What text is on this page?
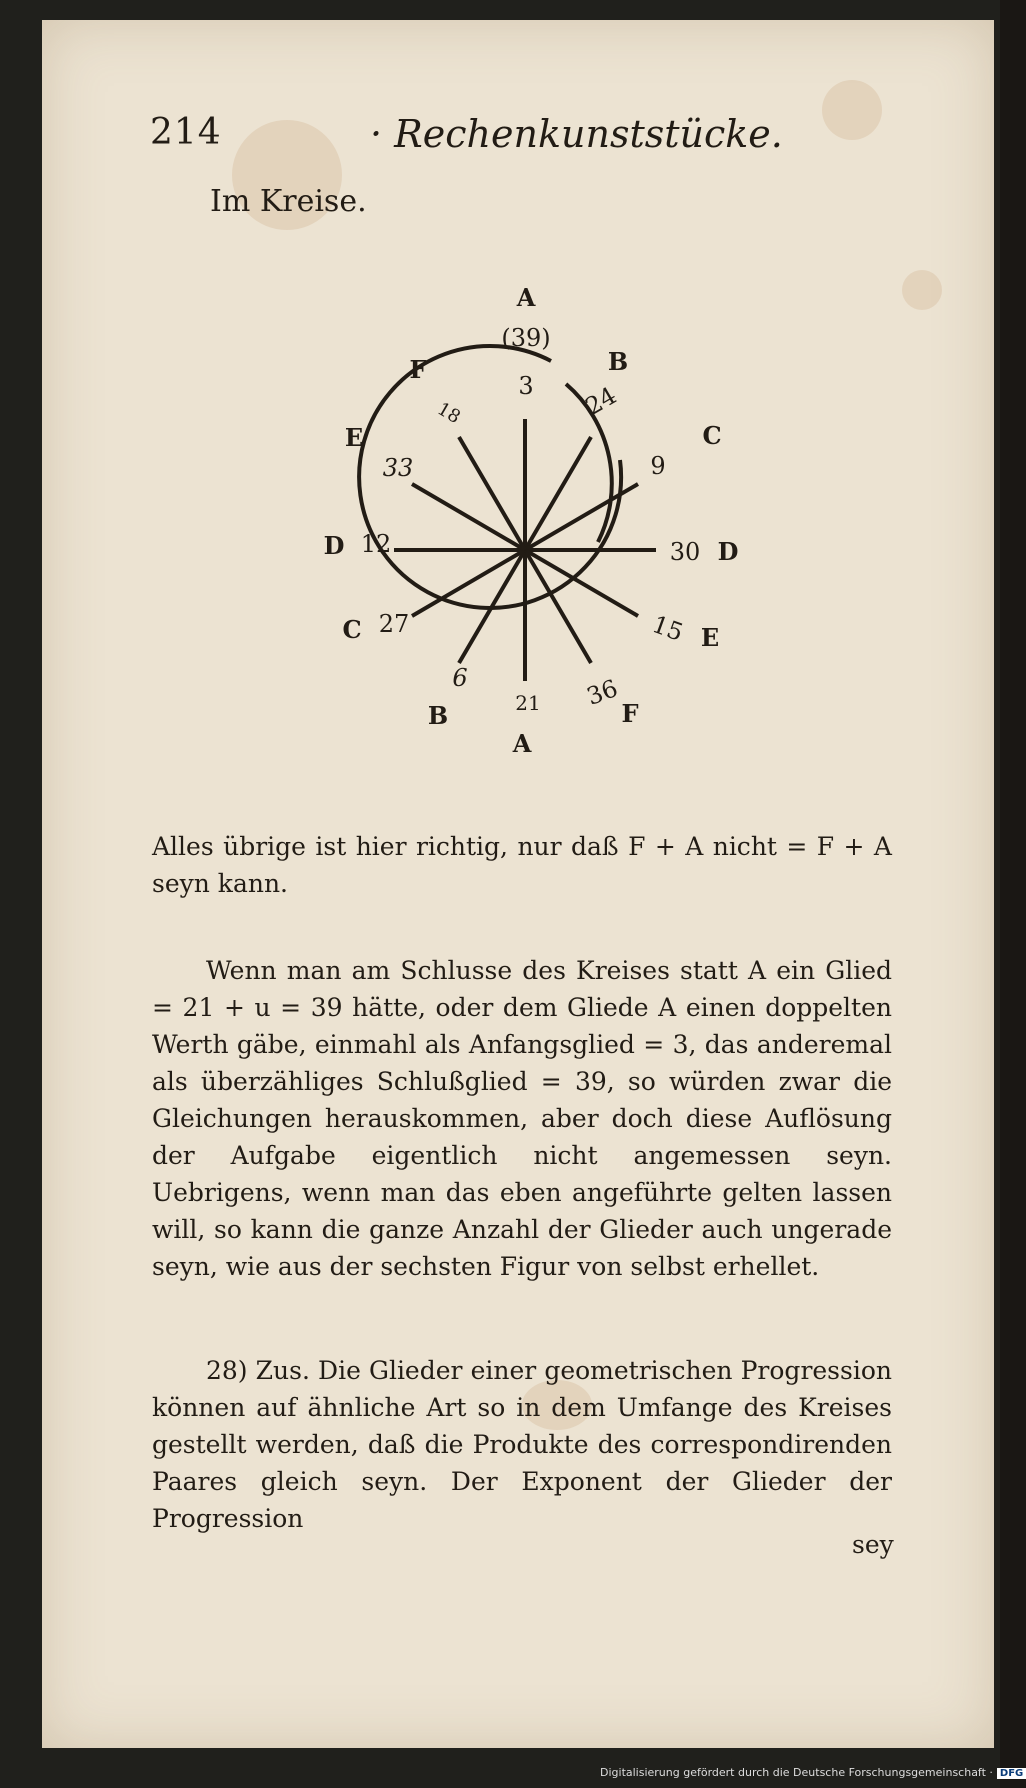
214	· Rechenkunststücke.
Im Kreise.
A
(39)
3 24
B
9
C
30 D
15 E
36
F
21
A
6
B
27
C
12
D
33
E
18
F
Alles übrige ist hier richtig, nur daß F + A nicht = F + A seyn kann.
Wenn man am Schlusse des Kreises statt A ein Glied = 21 + u = 39 hätte, oder dem Gliede A einen doppelten Werth gäbe, einmahl als Anfangsglied = 3, das anderemal als überzähliges Schlußglied = 39, so würden zwar die Gleichungen herauskommen, aber doch diese Auflösung der Aufgabe eigentlich nicht angemessen seyn. Uebrigens, wenn man das eben angeführte gelten lassen will, so kann die ganze Anzahl der Glieder auch ungerade seyn, wie aus der sechsten Figur von selbst erhellet.
28) Zus. Die Glieder einer geometrischen Progression können auf ähnliche Art so in dem Umfange des Kreises gestellt werden, daß die Produkte des correspondirenden Paares gleich seyn. Der Exponent der Glieder der Progression
sey
Digitalisierung gefördert durch die Deutsche Forschungsgemeinschaft · DFG
